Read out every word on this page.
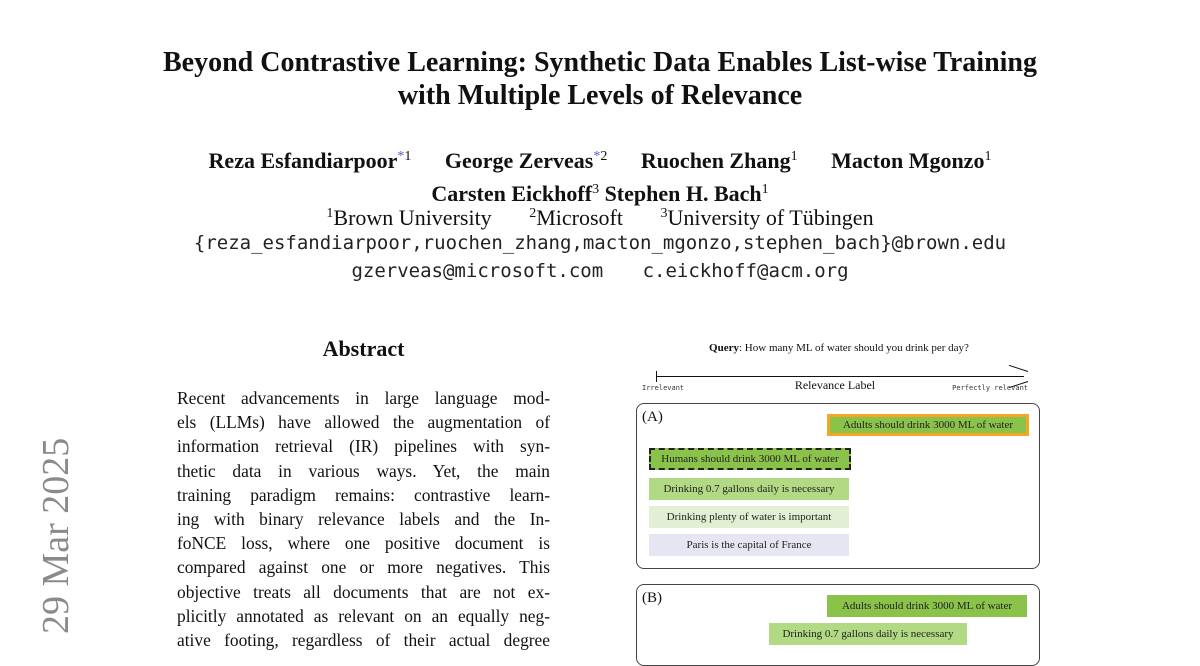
29 Mar 2025
Beyond Contrastive Learning: Synthetic Data Enables List-wise Training
with Multiple Levels of Relevance
Reza Esfandiarpoor$^{*1}$ George Zerveas$^{*2}$ Ruochen Zhang$^1$ Macton Mgonzo$^1$
Carsten Eickhoff$^3$ Stephen H. Bach$^1$
$^1$Brown University	$^2$Microsoft	$^3$University of Tübingen
{reza_esfandiarpoor,ruochen_zhang,macton_mgonzo,stephen_bach}@brown.edu
gzerveas@microsoft.com c.eickhoff@acm.org
Abstract
Recent advancements in large language mod-
els (LLMs) have allowed the augmentation of
information retrieval (IR) pipelines with syn-
thetic data in various ways. Yet, the main
training paradigm remains: contrastive learn-
ing with binary relevance labels and the In-
foNCE loss, where one positive document is
compared against one or more negatives. This
objective treats all documents that are not ex-
plicitly annotated as relevant on an equally neg-
ative footing, regardless of their actual degree
Query: How many ML of water should you drink per day?
Irrelevant	Relevance Label	Perfectly relevant
(A)	Adults should drink 3000 ML of water
Humans should drink 3000 ML of water
Drinking 0.7 gallons daily is necessary
Drinking plenty of water is important
Paris is the capital of France
(B)	Adults should drink 3000 ML of water
Drinking 0.7 gallons daily is necessary
